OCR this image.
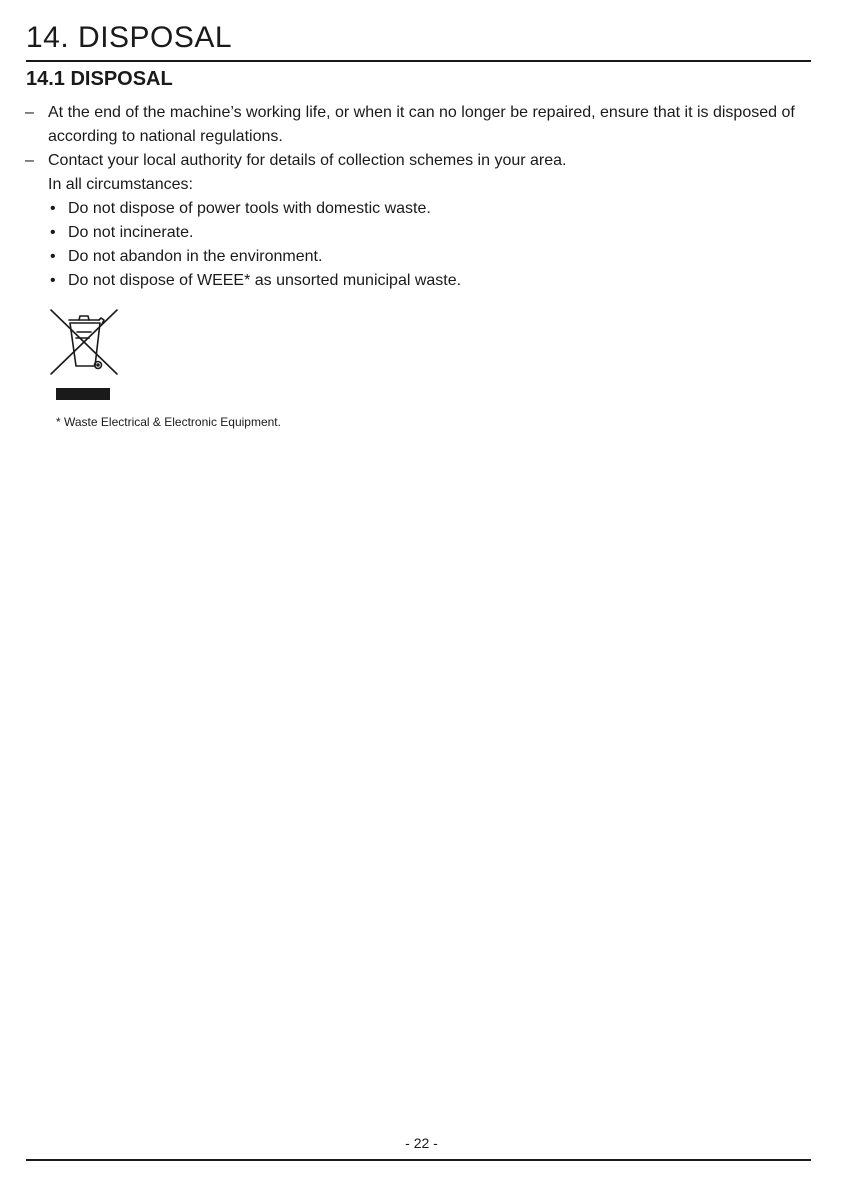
14. DISPOSAL
14.1 DISPOSAL
– At the end of the machine’s working life, or when it can no longer be repaired, ensure that it is disposed of according to national regulations.
– Contact your local authority for details of collection schemes in your area.
In all circumstances:
• Do not dispose of power tools with domestic waste.
• Do not incinerate.
• Do not abandon in the environment.
• Do not dispose of WEEE* as unsorted municipal waste.
* Waste Electrical & Electronic Equipment.
- 22 -
